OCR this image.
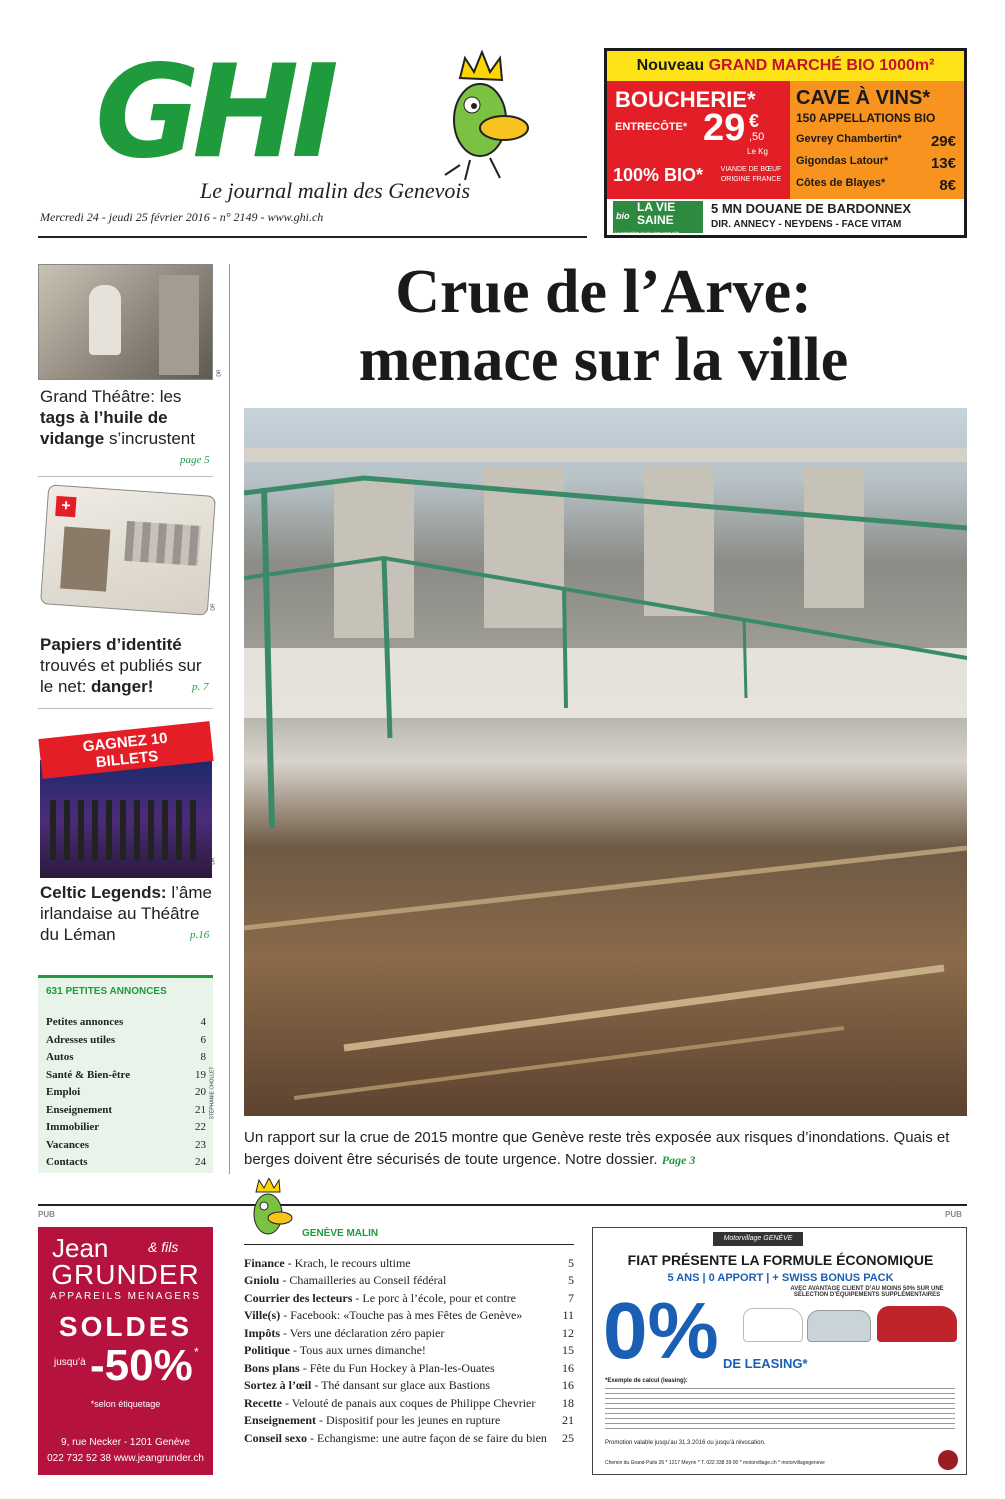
GHI
Le journal malin des Genevois
Mercredi 24 - jeudi 25 février 2016 - n° 2149 - www.ghi.ch
Nouveau GRAND MARCHÉ BIO 1000m²
BOUCHERIE*
ENTRECÔTE* 29 €
,50
Le Kg
100% BIO*	VIANDE DE BŒUF ORIGINE FRANCE
CAVE À VINS*
150 APPELLATIONS BIO
Gevrey Chambertin* 29€
Gigondas Latour*	13€
Côtes de Blayes*	8€
bio
LA VIE SAINE
Le spécialiste du bio dans votre ville
5 MN DOUANE DE BARDONNEX
DIR. ANNECY - NEYDENS - FACE VITAM
DR
Grand Théâtre: les tags à l’huile de vidange s’incrustent
page 5
+
DR
Papiers d’identité trouvés et publiés sur le net: danger!	p. 7
GAGNEZ 10 BILLETS
DR
Celtic Legends: l’âme irlandaise au Théâtre du Léman	p.16
631 PETITES ANNONCES
Petites annonces	4
Adresses utiles	6
Autos	8
Santé & Bien-être	19
Emploi	20
Enseignement	21
Immobilier	22
Vacances	23
Contacts	24
Crue de l’Arve:
menace sur la ville
STÉPHANIE CHOLLET
Un rapport sur la crue de 2015 montre que Genève reste très exposée aux risques d’inondations. Quais et berges doivent être sécurisés de toute urgence. Notre dossier. Page 3
PUB	PUB
GENÈVE MALIN
Finance - Krach, le recours ultime	5
Gniolu - Chamailleries au Conseil fédéral	5
Courrier des lecteurs - Le porc à l’école, pour et contre	7
Ville(s) - Facebook: «Touche pas à mes Fêtes de Genève»	11
Impôts - Vers une déclaration zéro papier	12
Politique - Tous aux urnes dimanche!	15
Bons plans - Fête du Fun Hockey à Plan-les-Ouates	16
Sortez à l’œil - Thé dansant sur glace aux Bastions	16
Recette - Velouté de panais aux coques de Philippe Chevrier 18
Enseignement - Dispositif pour les jeunes en rupture	21
Conseil sexo - Echangisme: une autre façon de se faire du bien 25
Jean	& fils
GRUNDER
APPAREILS MENAGERS
SOLDES
jusqu’à -50% *
*selon étiquetage
9, rue Necker - 1201 Genève
022 732 52 38 www.jeangrunder.ch
Motorvillage GENÈVE
FIAT PRÉSENTE LA FORMULE ÉCONOMIQUE
5 ANS | 0 APPORT | + SWISS BONUS PACK
AVEC AVANTAGE CLIENT D’AU MOINS 50% SUR UNE SÉLECTION D’ÉQUIPEMENTS SUPPLÉMENTAIRES
0% DE LEASING*
*Exemple de calcul (leasing):
Promotion valable jusqu’au 31.3.2016 ou jusqu’à révocation.
Chemin du Grand-Puits 26 * 1217 Meyrin * T. 022 338 39 00 * motorvillage.ch * motorvillagegeneve
